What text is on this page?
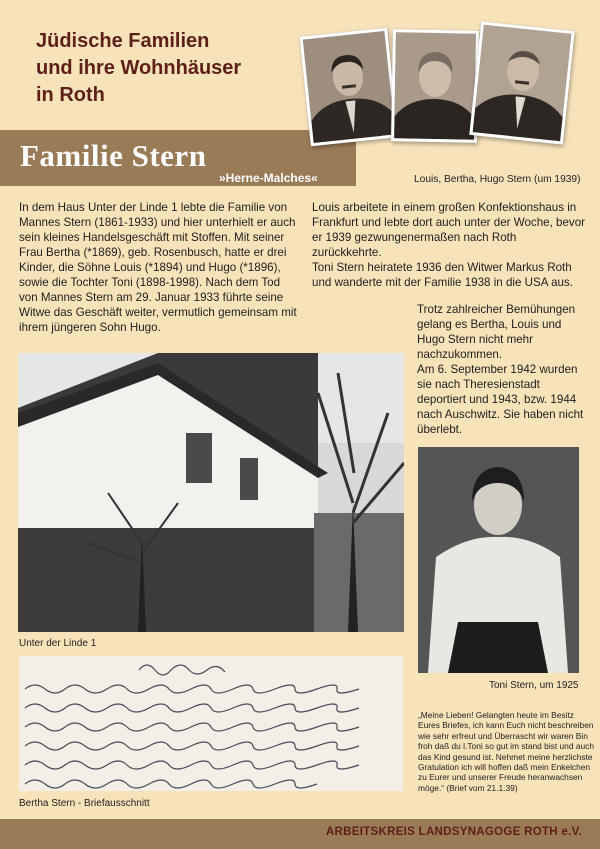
Jüdische Familien
und ihre Wohnhäuser
in Roth
Familie Stern
»Herne-Malches«	Louis, Bertha, Hugo Stern (um 1939)

In dem Haus Unter der Linde 1 lebte die Familie von Mannes Stern (1861-1933) und hier unterhielt er auch sein kleines Handelsgeschäft mit Stoffen. Mit seiner Frau Bertha (*1869), geb. Rosenbusch, hatte er drei Kinder, die Söhne Louis (*1894) und Hugo (*1896), sowie die Tochter Toni (1898-1998). Nach dem Tod von Mannes Stern am 29. Januar 1933 führte seine Witwe das Geschäft weiter, vermutlich gemeinsam mit ihrem jüngeren Sohn Hugo.

Louis arbeitete in einem großen Konfektionshaus in Frankfurt und lebte dort auch unter der Woche, bevor er 1939 gezwungenermaßen nach Roth zurückkehrte.

Toni Stern heiratete 1936 den Witwer Markus Roth und wanderte mit der Familie 1938 in die USA aus.

Trotz zahlreicher Bemühungen gelang es Bertha, Louis und Hugo Stern nicht mehr nachzukommen.

Am 6. September 1942 wurden sie nach Theresienstadt deportiert und 1943, bzw. 1944 nach Auschwitz. Sie haben nicht überlebt.

Unter der Linde 1
Toni Stern, um 1925
Bertha Stern - Briefausschnitt

„Meine Lieben! Gelangten heute im Besitz Eures Briefes, ich kann Euch nicht beschreiben wie sehr erfreut und Überrascht wir waren Bin froh daß du l.Toni so gut im stand bist und auch das Kind gesund ist. Nehmet meine herzlichste Gratulation ich will hoffen daß mein Enkelchen zu Eurer und unserer Freude heranwachsen möge.“ (Brief vom 21.1.39)

ARBEITSKREIS LANDSYNAGOGE ROTH e.V.
